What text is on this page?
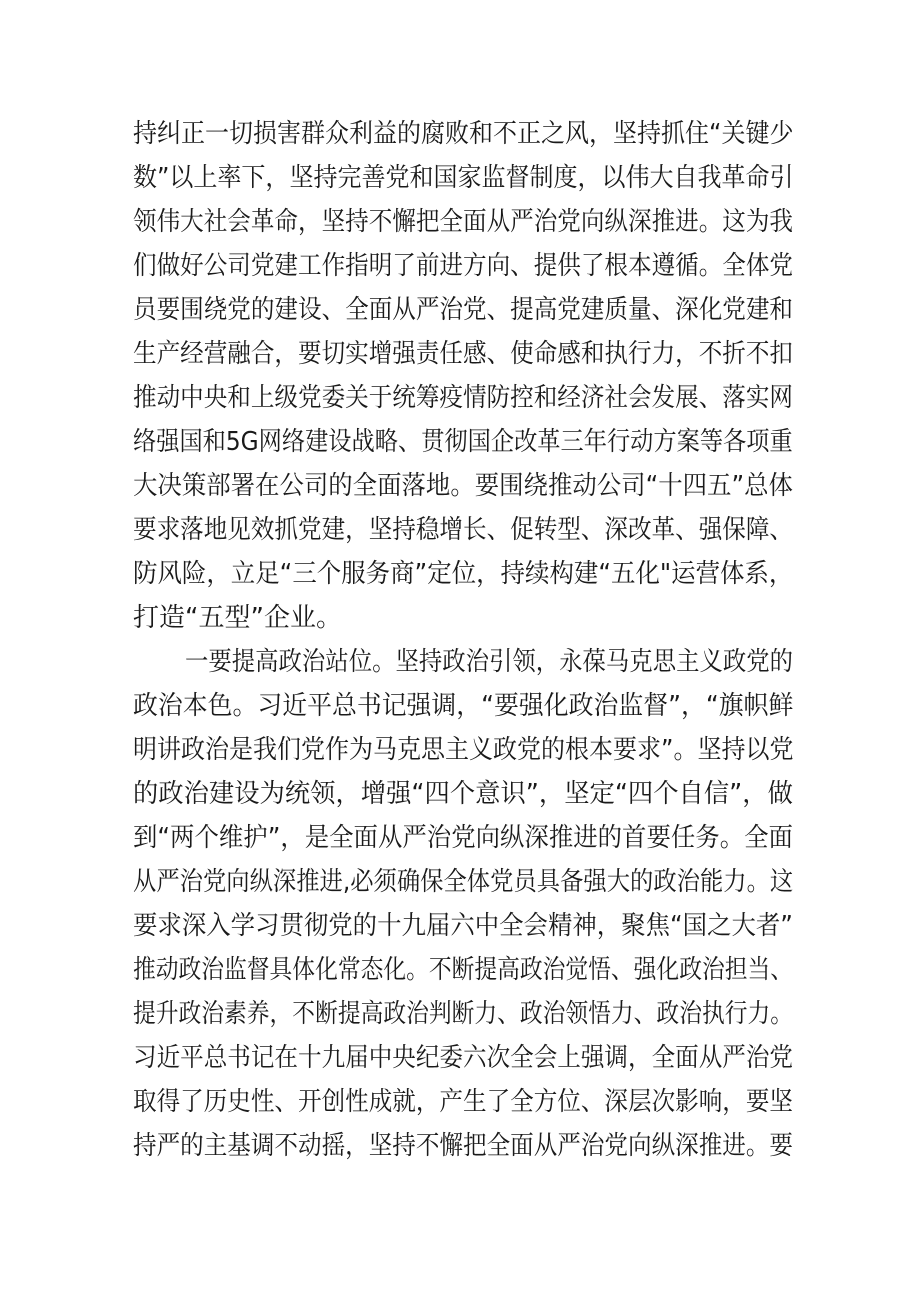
持纠正一切损害群众利益的腐败和不正之风，坚持抓住“关键少
数”以上率下，坚持完善党和国家监督制度，以伟大自我革命引
领伟大社会革命，坚持不懈把全面从严治党向纵深推进。这为我
们做好公司党建工作指明了前进方向、提供了根本遵循。全体党
员要围绕党的建设、全面从严治党、提高党建质量、深化党建和
生产经营融合，要切实增强责任感、使命感和执行力，不折不扣
推动中央和上级党委关于统筹疫情防控和经济社会发展、落实网
络强国和5G网络建设战略、贯彻国企改革三年行动方案等各项重
大决策部署在公司的全面落地。要围绕推动公司“十四五”总体
要求落地见效抓党建，坚持稳增长、促转型、深改革、强保障、
防风险，立足“三个服务商”定位，持续构建“五化"运营体系，
打造“五型”企业。
一要提高政治站位。坚持政治引领，永葆马克思主义政党的
政治本色。习近平总书记强调，“要强化政治监督”，“旗帜鲜
明讲政治是我们党作为马克思主义政党的根本要求”。坚持以党
的政治建设为统领，增强“四个意识”，坚定“四个自信”，做
到“两个维护”，是全面从严治党向纵深推进的首要任务。全面
从严治党向纵深推进,必须确保全体党员具备强大的政治能力。这
要求深入学习贯彻党的十九届六中全会精神，聚焦“国之大者”
推动政治监督具体化常态化。不断提高政治觉悟、强化政治担当、
提升政治素养，不断提高政治判断力、政治领悟力、政治执行力。
习近平总书记在十九届中央纪委六次全会上强调，全面从严治党
取得了历史性、开创性成就，产生了全方位、深层次影响，要坚
持严的主基调不动摇，坚持不懈把全面从严治党向纵深推进。要
